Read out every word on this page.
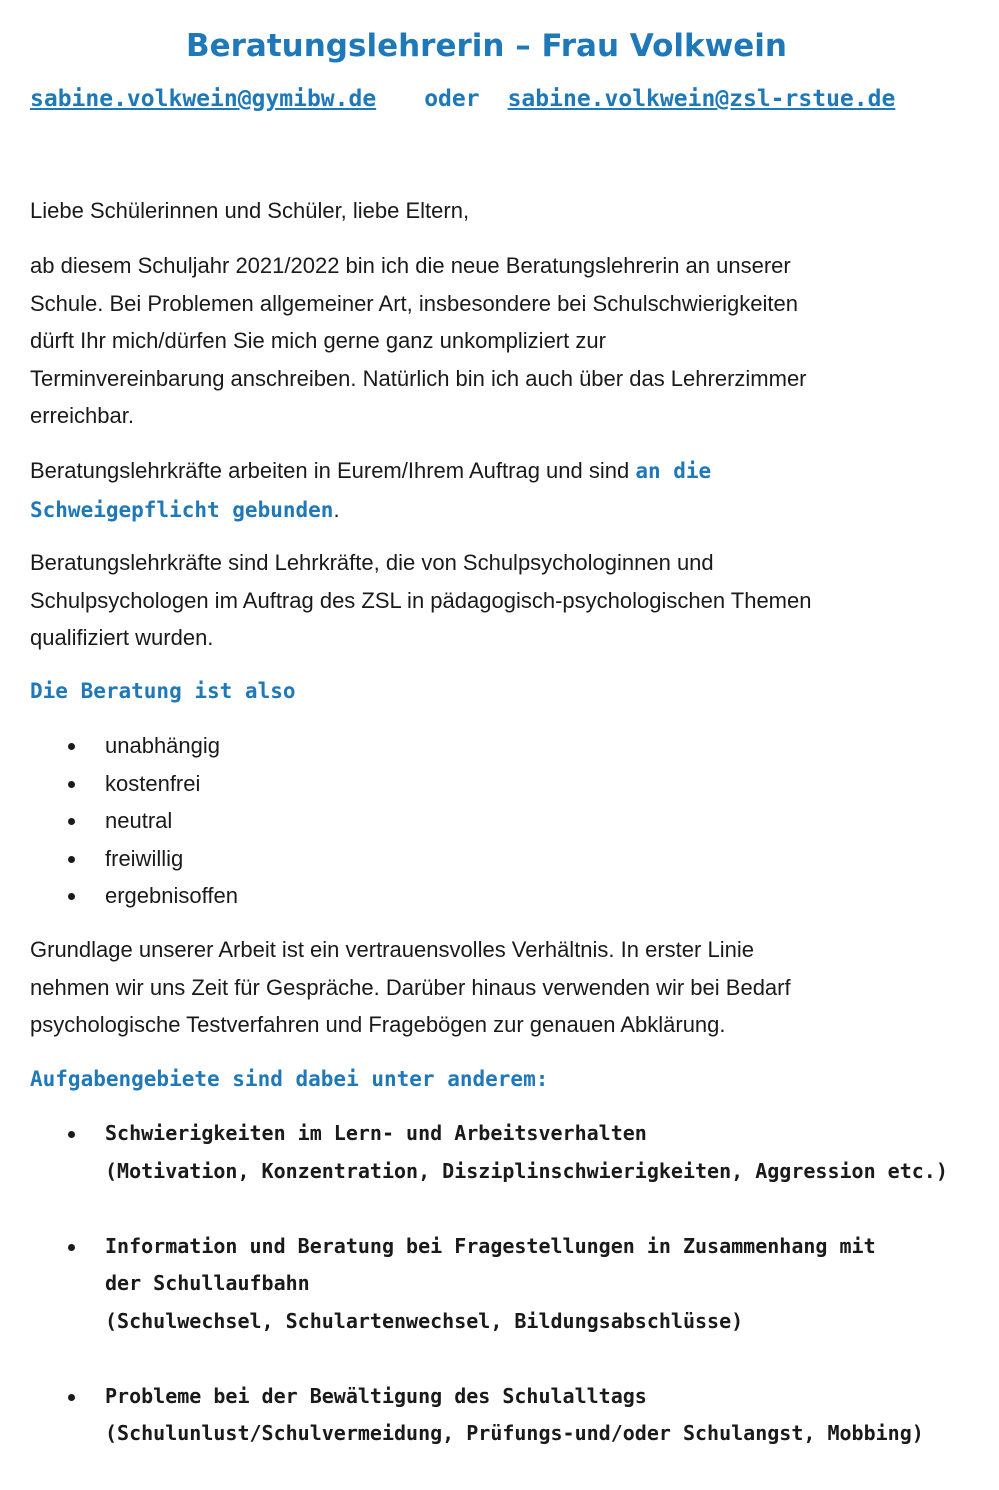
Beratungslehrerin – Frau Volkwein
sabine.volkwein@gymibw.de oder sabine.volkwein@zsl-rstue.de

Liebe Schülerinnen und Schüler, liebe Eltern,

ab diesem Schuljahr 2021/2022 bin ich die neue Beratungslehrerin an unserer
Schule. Bei Problemen allgemeiner Art, insbesondere bei Schulschwierigkeiten
dürft Ihr mich/dürfen Sie mich gerne ganz unkompliziert zur
Terminvereinbarung anschreiben. Natürlich bin ich auch über das Lehrerzimmer
erreichbar.
Beratungslehrkräfte arbeiten in Eurem/Ihrem Auftrag und sind an die
Schweigepflicht gebunden.
Beratungslehrkräfte sind Lehrkräfte, die von Schulpsychologinnen und
Schulpsychologen im Auftrag des ZSL in pädagogisch-psychologischen Themen
qualifiziert wurden.

Die Beratung ist also

unabhängig
kostenfrei
neutral
freiwillig
ergebnisoffen
Grundlage unserer Arbeit ist ein vertrauensvolles Verhältnis. In erster Linie
nehmen wir uns Zeit für Gespräche. Darüber hinaus verwenden wir bei Bedarf
psychologische Testverfahren und Fragebögen zur genauen Abklärung.

Aufgabengebiete sind dabei unter anderem:

Schwierigkeiten im Lern- und Arbeitsverhalten
(Motivation, Konzentration, Disziplinschwierigkeiten, Aggression etc.)
Information und Beratung bei Fragestellungen in Zusammenhang mit
der Schullaufbahn
(Schulwechsel, Schulartenwechsel, Bildungsabschlüsse)
Probleme bei der Bewältigung des Schulalltags
(Schulunlust/Schulvermeidung, Prüfungs-und/oder Schulangst, Mobbing)
